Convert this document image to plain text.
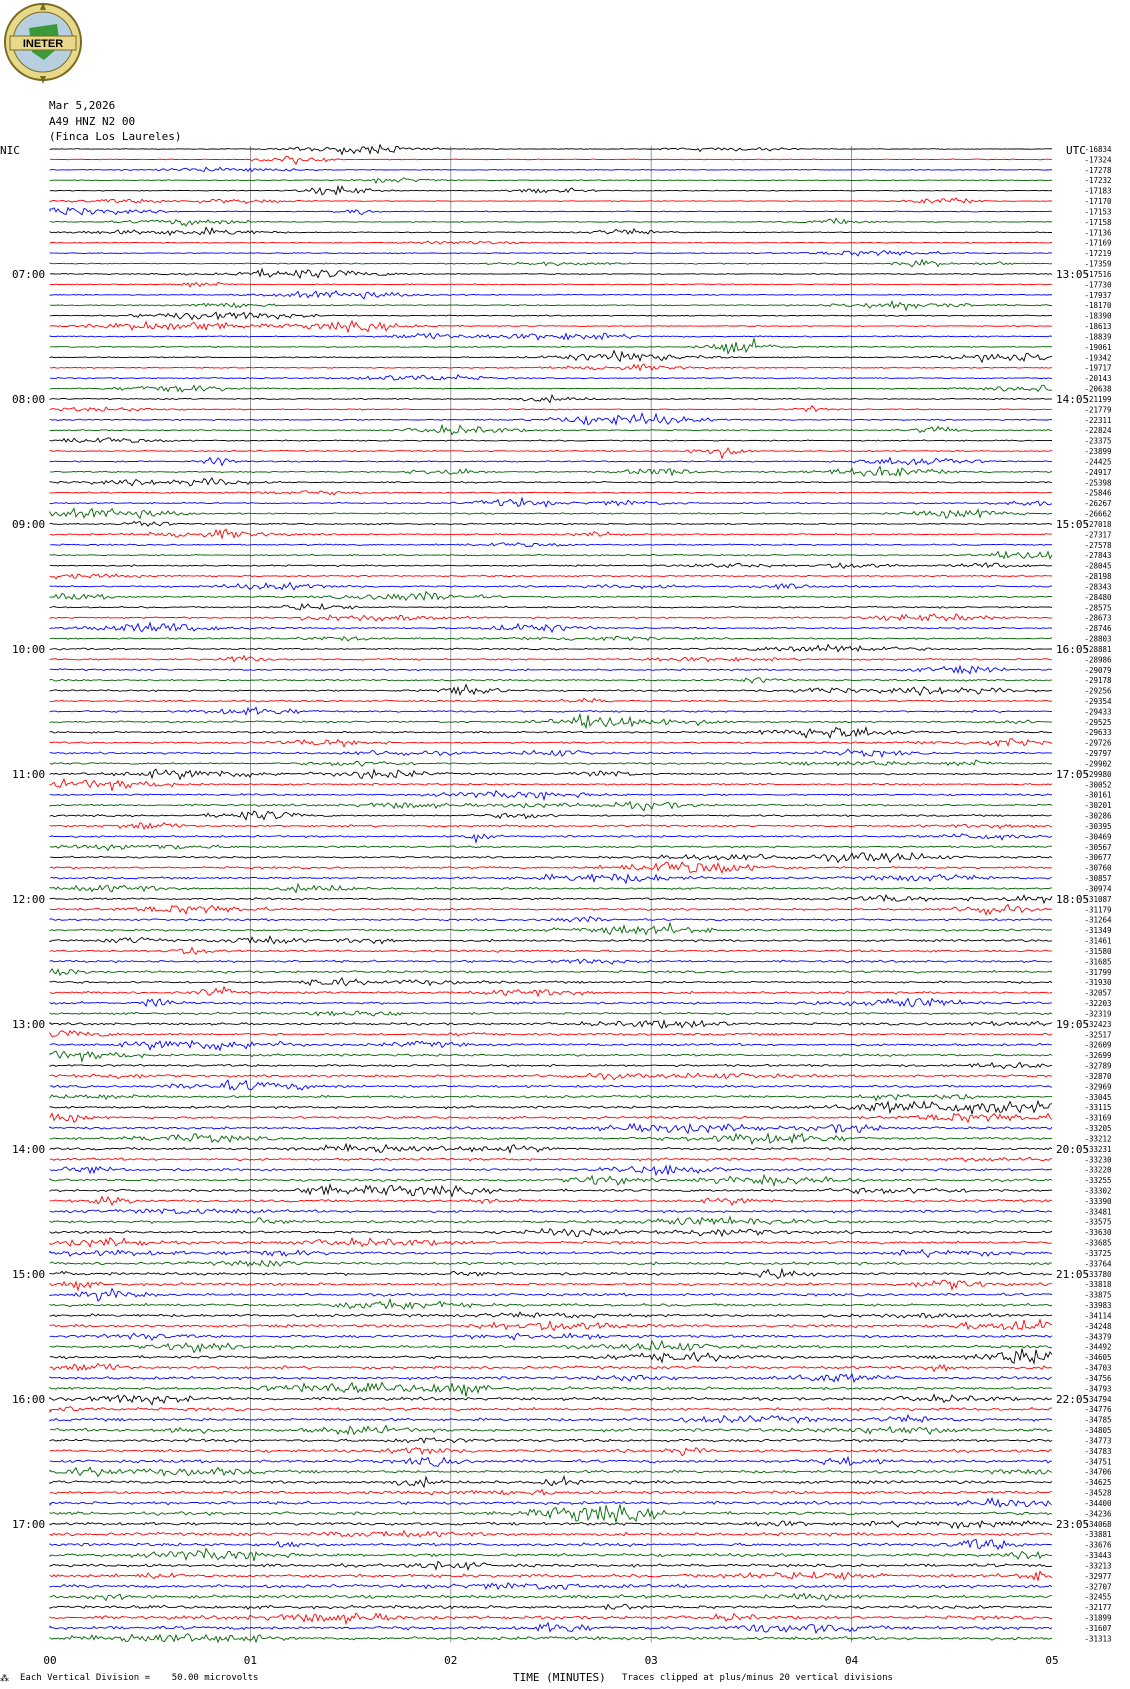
INETER
Mar 5,2026
A49 HNZ N2 00
(Finca Los Laureles)
NIC	UTC
-16834
-17324
-17278
-17232
-17183
-17170
-17153
-17158
-17136
-17169
-17219
-17359
-17516
-17730
-17937
-18170
-18390
-18613
-18839
-19061
-19342
-19717
-20143
-20638
-21199
-21779
-22311
-22824
-23375
-23899
-24425
-24917
-25398
-25846
-26267
-26662
-27018
-27317
-27578
-27843
-28045
-28198
-28343
-28480
-28575
-28673
-28746
-28803
-28881
-28986
-29079
-29178
-29256
-29354
-29433
-29525
-29633
-29726
-29797
-29902
-29980
-30052
-30161
-30201
-30286
-30395
-30469
-30567
-30677
-30760
-30857
-30974
-31087
-31179
-31264
-31349
-31461
-31580
-31685
-31799
-31930
-32057
-32203
-32319
-32423
-32517
-32609
-32699
-32789
-32870
-32969
-33045
-33115
-33169
-33205
-33212
-33231
-33230
-33220
-33255
-33302
-33390
-33481
-33575
-33630
-33685
-33725
-33764
-33780
-33818
-33875
-33983
-34114
-34248
-34379
-34492
-34605
-34703
-34756
-34793
-34794
-34776
-34785
-34805
-34773
-34783
-34751
-34706
-34625
-34528
-34400
-34236
-34068
-33881
-33676
-33443
-33213
-32977
-32707
-32455
-32177
-31899
-31607
-31313
07:00
08:00
09:00
10:00
11:00
12:00
13:00
14:00
15:00
16:00
17:00
13:05
14:05
15:05
16:05
17:05
18:05
19:05
20:05
21:05
22:05
23:05
00	01	02	03	04	05
⁂ Each Vertical Division =    50.00 microvolts	TIME (MINUTES) Traces clipped at plus/minus 20 vertical divisions
